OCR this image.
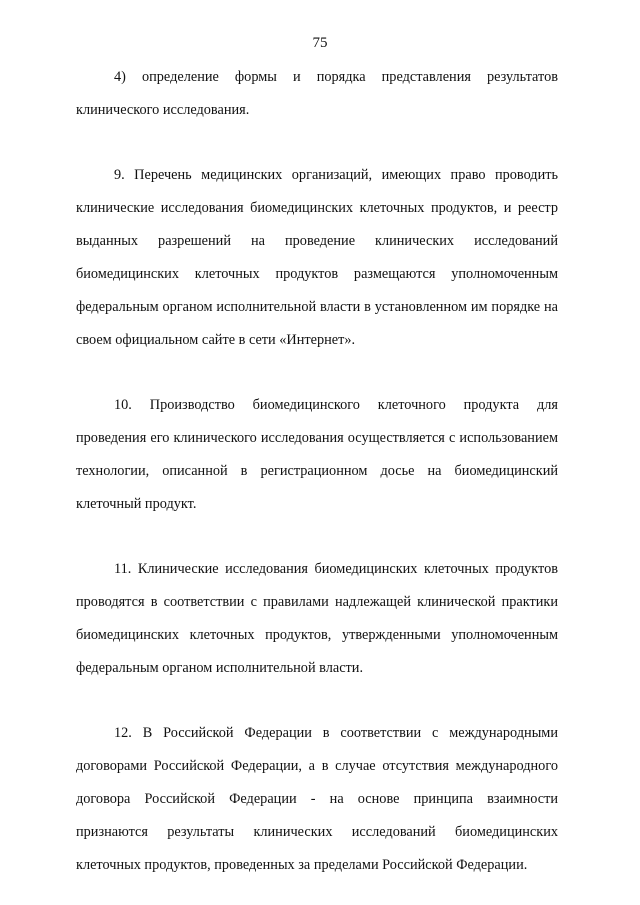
75

4) определение формы и порядка представления результатов клинического исследования.

9. Перечень медицинских организаций, имеющих право проводить клинические исследования биомедицинских клеточных продуктов, и реестр выданных разрешений на проведение клинических исследований биомедицинских клеточных продуктов размещаются уполномоченным федеральным органом исполнительной власти в установленном им порядке на своем официальном сайте в сети «Интернет».

10. Производство биомедицинского клеточного продукта для проведения его клинического исследования осуществляется с использованием технологии, описанной в регистрационном досье на биомедицинский клеточный продукт.

11. Клинические исследования биомедицинских клеточных продуктов проводятся в соответствии с правилами надлежащей клинической практики биомедицинских клеточных продуктов, утвержденными уполномоченным федеральным органом исполнительной власти.

12. В Российской Федерации в соответствии с международными договорами Российской Федерации, а в случае отсутствия международного договора Российской Федерации - на основе принципа взаимности признаются результаты клинических исследований биомедицинских клеточных продуктов, проведенных за пределами Российской Федерации.
